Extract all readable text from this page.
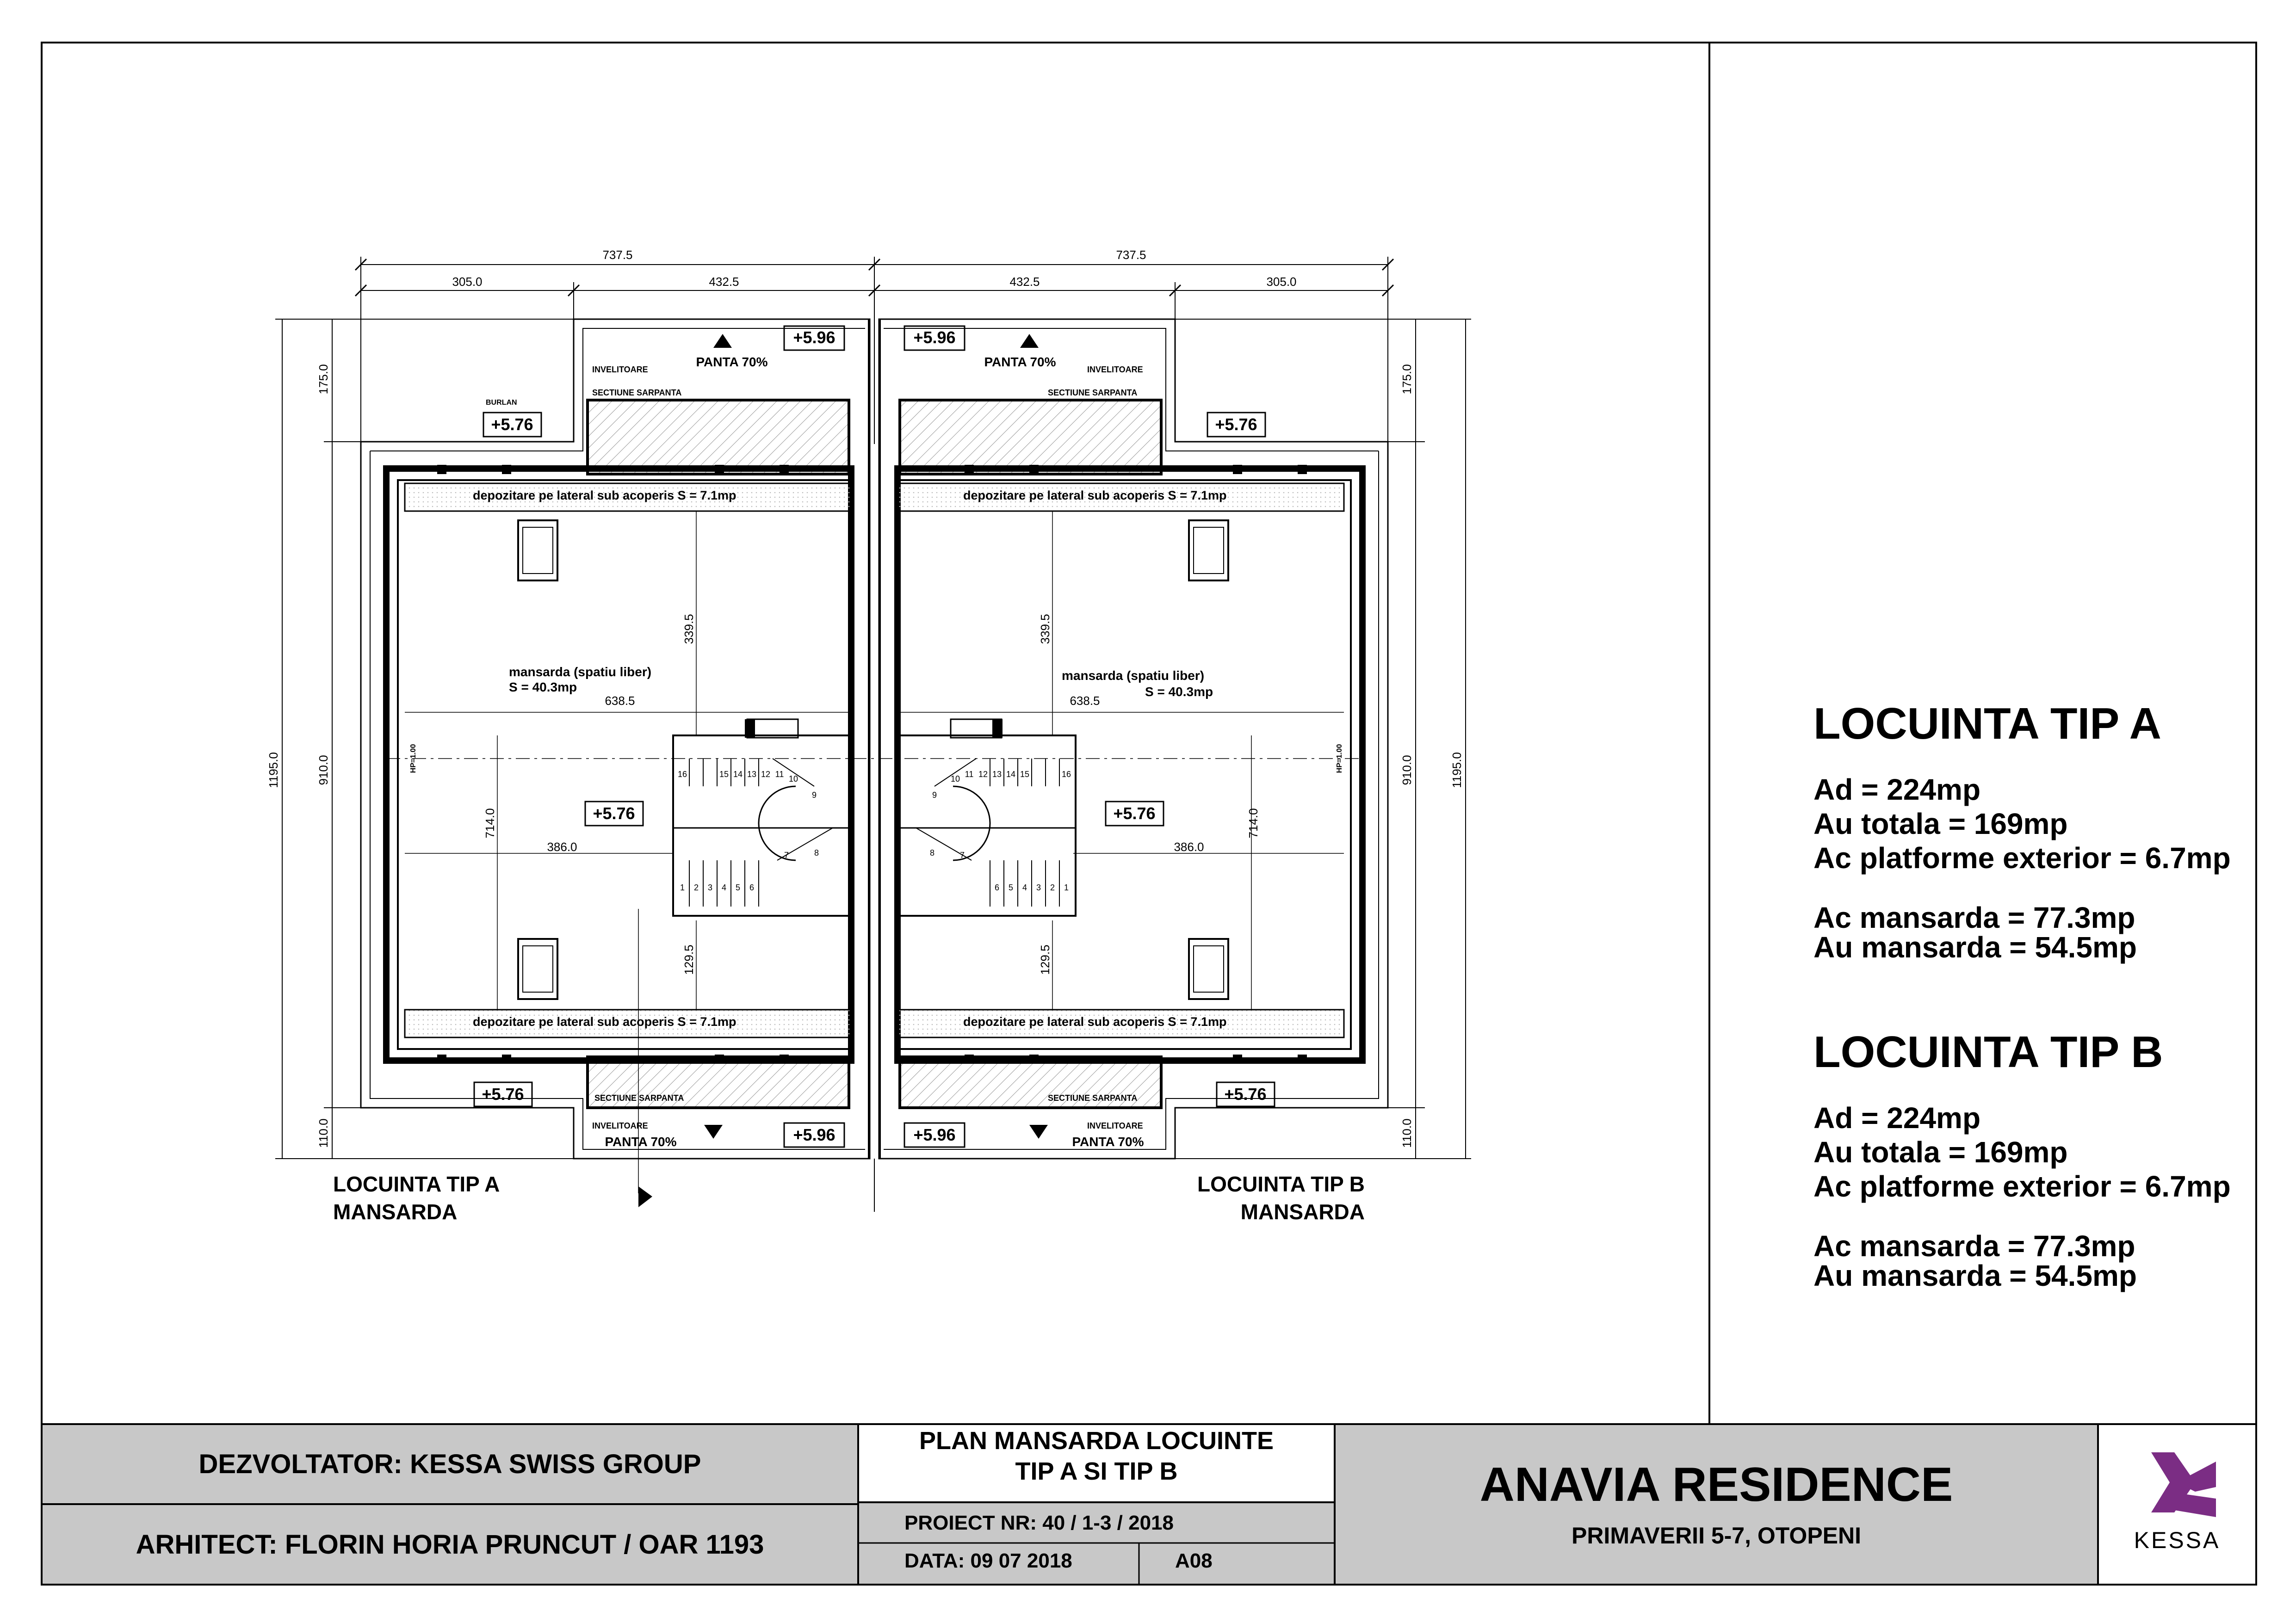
737.5	737.5
305.0	432.5	432.5	305.0
1195.0
175.0
910.0
110.0
1195.0
175.0
910.0
110.0
339.5	339.5
638.5	638.5
714.0	714.0
386.0	386.0
129.5	129.5
+5.96	+5.96
+5.76	+5.76
+5.76	+5.76
+5.76	+5.76
+5.96	+5.96
PANTA 70%	PANTA 70%
PANTA 70%	PANTA 70%
INVELITOARE	INVELITOARE
INVELITOARE	INVELITOARE
SECTIUNE SARPANTA	SECTIUNE SARPANTA
SECTIUNE SARPANTA	SECTIUNE SARPANTA
BURLAN
depozitare pe lateral sub acoperis S = 7.1mp	depozitare pe lateral sub acoperis S = 7.1mp
depozitare pe lateral sub acoperis S = 7.1mp	depozitare pe lateral sub acoperis S = 7.1mp
mansarda (spatiu liber)
S = 40.3mp
mansarda (spatiu liber)
S = 40.3mp
HP=1.00	HP=1.00
1 2 3 4 5 6
7	8
9
10
11
12
13
14
15
16
1
2
3
4
5
6
7
8
9
10 11 12 13 14 15	16
LOCUINTA TIP A
MANSARDA
LOCUINTA TIP B
MANSARDA
LOCUINTA TIP A
Ad = 224mp
Au totala = 169mp
Ac platforme exterior = 6.7mp
Ac mansarda = 77.3mp
Au mansarda = 54.5mp
LOCUINTA TIP B
Ad = 224mp
Au totala = 169mp
Ac platforme exterior = 6.7mp
Ac mansarda = 77.3mp
Au mansarda = 54.5mp
DEZVOLTATOR: KESSA SWISS GROUP
ARHITECT: FLORIN HORIA PRUNCUT / OAR 1193
PLAN MANSARDA LOCUINTE
TIP A SI TIP B
PROIECT NR: 40 / 1-3 / 2018
DATA: 09 07 2018	A08
ANAVIA RESIDENCE
PRIMAVERII 5-7, OTOPENI	KESSA
